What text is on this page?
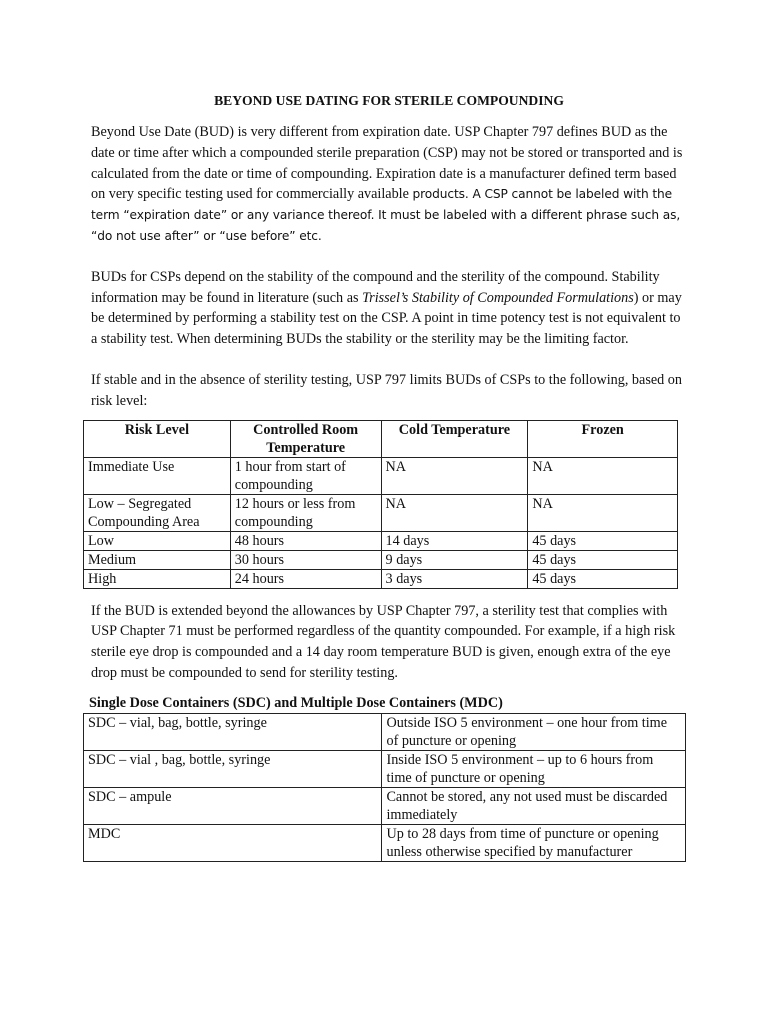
BEYOND USE DATING FOR STERILE COMPOUNDING

Beyond Use Date (BUD) is very different from expiration date. USP Chapter 797 defines BUD as the date or time after which a compounded sterile preparation (CSP) may not be stored or transported and is calculated from the date or time of compounding. Expiration date is a manufacturer defined term based on very specific testing used for commercially available products. A CSP cannot be labeled with the term “expiration date” or any variance thereof. It must be labeled with a different phrase such as, “do not use after” or “use before” etc.

BUDs for CSPs depend on the stability of the compound and the sterility of the compound. Stability information may be found in literature (such as Trissel’s Stability of Compounded Formulations) or may be determined by performing a stability test on the CSP. A point in time potency test is not equivalent to a stability test. When determining BUDs the stability or the sterility may be the limiting factor.

If stable and in the absence of sterility testing, USP 797 limits BUDs of CSPs to the following, based on risk level:

Risk Level	Controlled Room Temperature	Cold Temperature	Frozen
Immediate Use	1 hour from start of compounding	NA	NA
Low – Segregated Compounding Area	12 hours or less from compounding	NA	NA
Low	48 hours	14 days	45 days
Medium	30 hours	9 days	45 days
High	24 hours	3 days	45 days

If the BUD is extended beyond the allowances by USP Chapter 797, a sterility test that complies with USP Chapter 71 must be performed regardless of the quantity compounded. For example, if a high risk sterile eye drop is compounded and a 14 day room temperature BUD is given, enough extra of the eye drop must be compounded to send for sterility testing.

Single Dose Containers (SDC) and Multiple Dose Containers (MDC)

SDC – vial, bag, bottle, syringe	Outside ISO 5 environment – one hour from time of puncture or opening
SDC – vial , bag, bottle, syringe	Inside ISO 5 environment – up to 6 hours from time of puncture or opening
SDC – ampule	Cannot be stored, any not used must be discarded immediately
MDC	Up to 28 days from time of puncture or opening unless otherwise specified by manufacturer
